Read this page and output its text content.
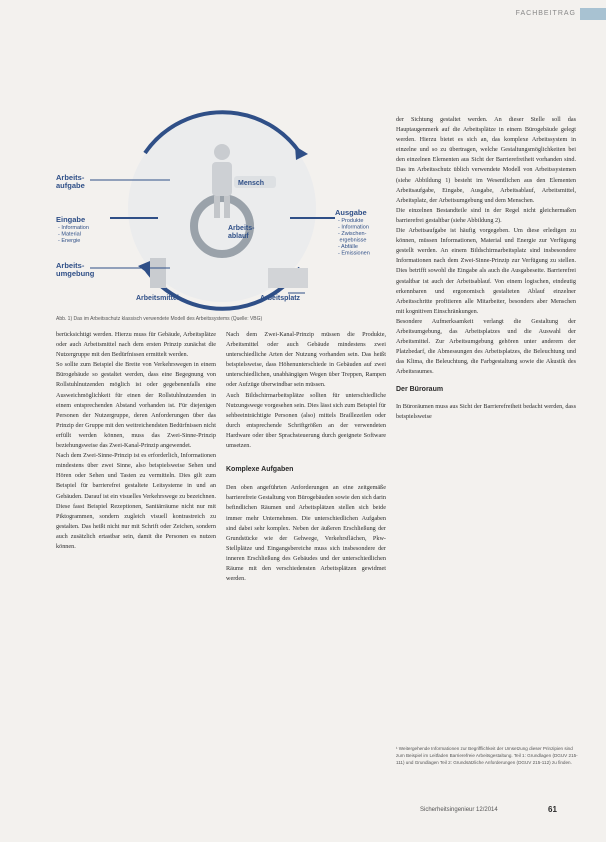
FACHBEITRAG
Mensch
Arbeits-ablauf
Arbeits-aufgabe
Eingabe
- Information - Material - Energie
Ausgabe
- Produkte - Information - Zwischen- ergebnisse - Abfälle - Emissionen
Arbeits-umgebung
Arbeitsmittel	Arbeitsplatz
Abb. 1) Das im Arbeitsschutz klassisch verwendete Modell des Arbeitssystems (Quelle: VBG)

berücksichtigt werden. Hierzu muss für Gebäude, Arbeitsplätze oder auch Arbeitsmittel nach dem ersten Prinzip zunächst die Nutzergruppe mit den Bedürfnissen ermittelt werden.

So sollte zum Beispiel die Breite von Verkehrswegen in einem Bürogebäude so gestaltet werden, dass eine Begegnung von Rollstuhlnutzenden möglich ist oder gegebenenfalls eine Ausweichmöglichkeit für einen der Rollstuhlnutzenden in einem entsprechenden Abstand vorhanden ist. Für diejenigen Personen der Nutzergruppe, deren Anforderungen über das Prinzip der Gruppe mit den weitreichendsten Bedürfnissen nicht erfüllt werden können, muss das Zwei-Sinne-Prinzip beziehungsweise das Zwei-Kanal-Prinzip angewendet.

Nach dem Zwei-Sinne-Prinzip ist es erforderlich, Informationen mindestens über zwei Sinne, also beispielsweise Sehen und Hören oder Sehen und Tasten zu vermitteln. Dies gilt zum Beispiel für barrierefrei gestaltete Leitsysteme in und an Gebäuden. Darauf ist ein visuelles Verkehrswege zu bezeichnen. Diese fasst Beispiel Rezeptionen, Sanitärräume nicht nur mit Piktogrammen, sondern zugleich visuell kontrastreich zu gestalten. Das heißt nicht nur mit Schrift oder Zeichen, sondern auch zusätzlich ertastbar sein, damit die Personen es nutzen können.

Nach dem Zwei-Kanal-Prinzip müssen die Produkte, Arbeitsmittel oder auch Gebäude mindestens zwei unterschiedliche Arten der Nutzung vorhanden sein. Das heißt beispielsweise, dass Höhenunterschiede in Gebäuden auf zwei unterschiedlichen, unabhängigen Wegen über Treppen, Rampen oder Aufzüge überwindbar sein müssen.

Auch Bildschirmarbeitsplätze sollten für unterschiedliche Nutzungswege vorgesehen sein. Dies lässt sich zum Beispiel für sehbeeinträchtigte Personen (also) mittels Braillezeilen oder durch entsprechende Schriftgrößen an der verwendeten Hardware oder über Sprachsteuerung durch geeignete Software umsetzen.

Komplexe Aufgaben

Den oben angeführten Anforderungen an eine zeitgemäße barrierefreie Gestaltung von Bürogebäuden sowie den sich darin befindlichen Räumen und Arbeitsplätzen stellen sich beide immer mehr Unternehmen. Die unterschiedlichen Aufgaben sind dabei sehr komplex. Neben der äußeren Erschließung der Grundstücke wie der Gehwege, Verkehrsflächen, Pkw-Stellplätze und Eingangsbereiche muss sich insbesondere der inneren Erschließung des Gebäudes und der unterschiedlichen Räume mit den verschiedensten Arbeitsplätzen gewidmet werden.

der Sichtung gestaltet werden. An dieser Stelle soll das Hauptaugenmerk auf die Arbeitsplätze in einem Bürogebäude gelegt werden. Hierzu bietet es sich an, das komplexe Arbeitssystem in einzelne und so zu übertragen, welche Gestaltungsmöglichkeiten bei den einzelnen Elementen aus Sicht der Barrierefreiheit vorhanden sind. Das im Arbeitsschutz üblich verwendete Modell von Arbeitssystemen (siehe Abbildung 1) besteht im Wesentlichen aus den Elementen Arbeitsaufgabe, Eingabe, Ausgabe, Arbeitsablauf, Arbeitsmittel, Arbeitsplatz, der Arbeitsumgebung und dem Menschen.

Die einzelnen Bestandteile sind in der Regel nicht gleichermaßen barrierefrei gestaltbar (siehe Abbildung 2).

Die Arbeitsaufgabe ist häufig vorgegeben. Um diese erledigen zu können, müssen Informationen, Material und Energie zur Verfügung gestellt werden. An einem Bildschirmarbeitsplatz sind insbesondere Informationen nach dem Zwei-Sinne-Prinzip zur Verfügung zu stellen. Dies betrifft sowohl die Eingabe als auch die Ausgabeseite. Barrierefrei gestaltbar ist auch der Arbeitsablauf. Von einem logischen, eindeutig erkennbaren und ergonomisch gestalteten Ablauf einzelner Arbeitsschritte profitieren alle Mitarbeiter, besonders aber Menschen mit kognitiven Einschränkungen.

Besondere Aufmerksamkeit verlangt die Gestaltung der Arbeitsumgebung, das Arbeitsplatzes und die Auswahl der Arbeitsmittel. Zur Arbeitsumgebung gehören unter anderem der Platzbedarf, die Abmessungen des Arbeitsplatzes, die Beleuchtung und das Klima, die Beleuchtung, die Farbgestaltung sowie die Akustik des Arbeitsraumes.

Der Büroraum

In Büroräumen muss aus Sicht der Barrierefreiheit bedacht werden, dass beispielsweise

¹ Weitergehende Informationen zur Begrifflichkeit der Umsetzung dieser Prinzipien sind zum Beispiel im Leitfaden Barrierefreie Arbeitsgestaltung. Teil 1: Grundlagen (DGUV 215-111) und Grundlagen Teil 2: Grundsätzliche Anforderungen (DGUV 215-112) zu finden.
Sicherheitsingenieur 12/2014	61
